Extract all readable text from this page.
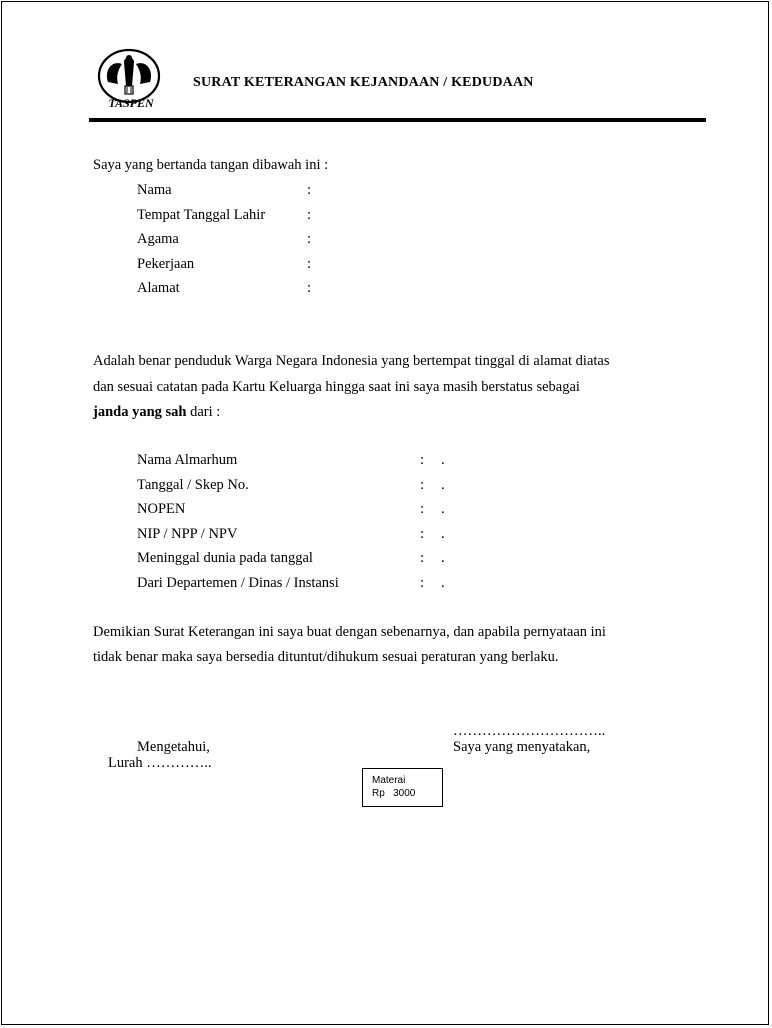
TASPEN
SURAT KETERANGAN KEJANDAAN / KEDUDAAN
Saya yang bertanda tangan dibawah ini :
Nama	:
Tempat Tanggal Lahir	:
Agama	:
Pekerjaan	:
Alamat	:
Adalah benar penduduk Warga Negara Indonesia yang bertempat tinggal di alamat diatas
dan sesuai catatan pada Kartu Keluarga hingga saat ini saya masih berstatus sebagai
janda yang sah dari :
Nama Almarhum	: .
Tanggal / Skep No.	: .
NOPEN	: .
NIP / NPP / NPV	: .
Meninggal dunia pada tanggal	: .
Dari Departemen / Dinas / Instansi	: .
Demikian Surat Keterangan ini saya buat dengan sebenarnya, dan apabila pernyataan ini
tidak benar maka saya bersedia dituntut/dihukum sesuai peraturan yang berlaku.
…………………………..
Mengetahui,	Saya yang menyatakan,
Lurah …………..
Materai
Rp   3000
